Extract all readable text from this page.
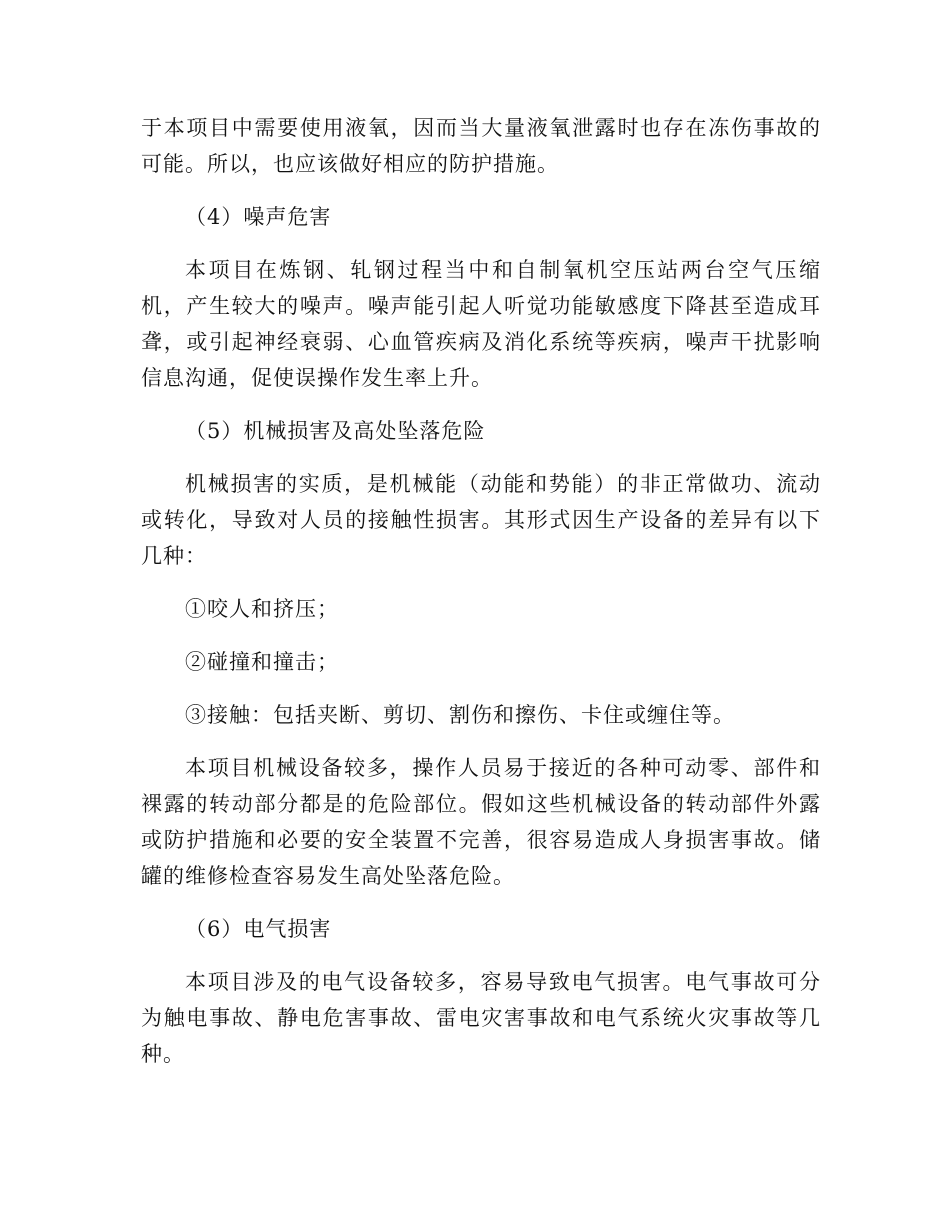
于本项目中需要使用液氧，因而当大量液氧泄露时也存在冻伤事故的可能。所以，也应该做好相应的防护措施。

（4）噪声危害

本项目在炼钢、轧钢过程当中和自制氧机空压站两台空气压缩机，产生较大的噪声。噪声能引起人听觉功能敏感度下降甚至造成耳聋，或引起神经衰弱、心血管疾病及消化系统等疾病，噪声干扰影响信息沟通，促使误操作发生率上升。

（5）机械损害及高处坠落危险

机械损害的实质，是机械能（动能和势能）的非正常做功、流动或转化，导致对人员的接触性损害。其形式因生产设备的差异有以下几种：

①咬人和挤压；

②碰撞和撞击；

③接触：包括夹断、剪切、割伤和擦伤、卡住或缠住等。

本项目机械设备较多，操作人员易于接近的各种可动零、部件和裸露的转动部分都是的危险部位。假如这些机械设备的转动部件外露或防护措施和必要的安全装置不完善，很容易造成人身损害事故。储罐的维修检查容易发生高处坠落危险。

（6）电气损害

本项目涉及的电气设备较多，容易导致电气损害。电气事故可分为触电事故、静电危害事故、雷电灾害事故和电气系统火灾事故等几种。
